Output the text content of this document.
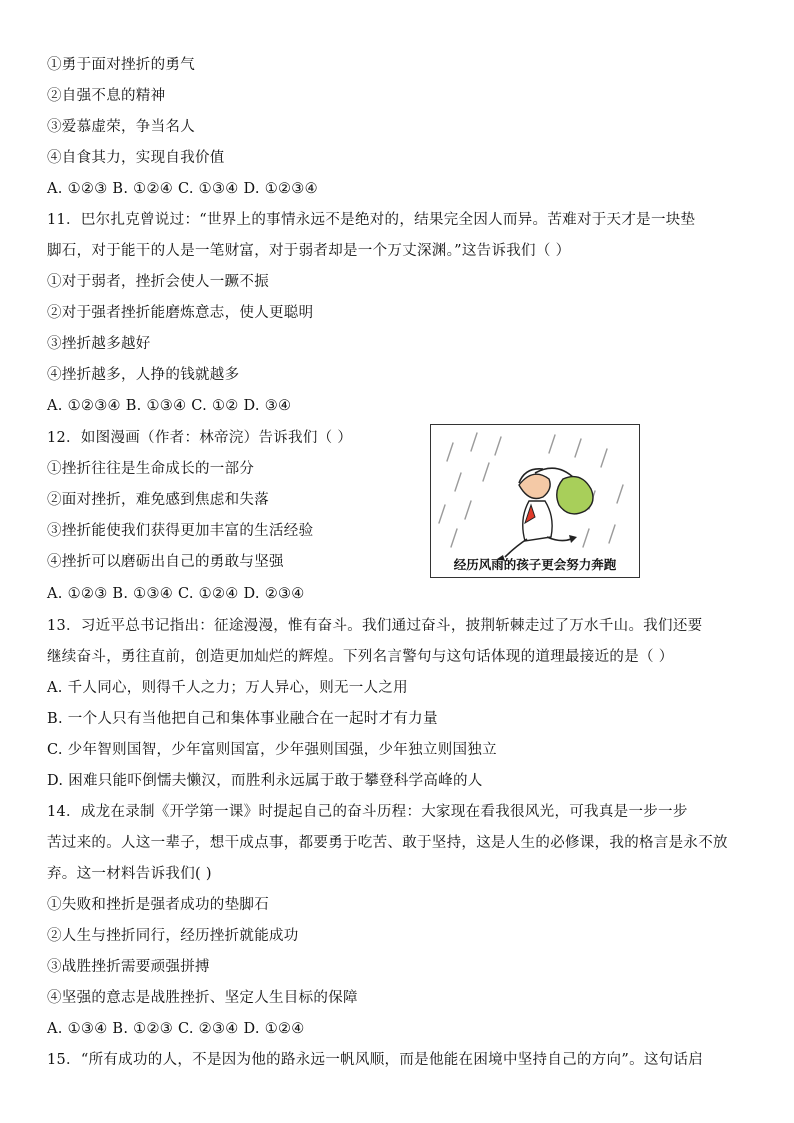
①勇于面对挫折的勇气
②自强不息的精神
③爱慕虚荣，争当名人
④自食其力，实现自我价值
A. ①②③ B. ①②④ C. ①③④ D. ①②③④
11．巴尔扎克曾说过：“世界上的事情永远不是绝对的，结果完全因人而异。苦难对于天才是一块垫
脚石，对于能干的人是一笔财富，对于弱者却是一个万丈深渊。”这告诉我们（ ）
①对于弱者，挫折会使人一蹶不振
②对于强者挫折能磨炼意志，使人更聪明
③挫折越多越好
④挫折越多，人挣的钱就越多
A. ①②③④ B. ①③④ C. ①② D. ③④
12．如图漫画（作者：林帝浣）告诉我们（ ）
①挫折往往是生命成长的一部分
②面对挫折，难免感到焦虑和失落
③挫折能使我们获得更加丰富的生活经验
④挫折可以磨砺出自己的勇敢与坚强
A. ①②③ B. ①③④ C. ①②④ D. ②③④
经历风雨的孩子更会努力奔跑
13．习近平总书记指出：征途漫漫，惟有奋斗。我们通过奋斗，披荆斩棘走过了万水千山。我们还要
继续奋斗，勇往直前，创造更加灿烂的辉煌。下列名言警句与这句话体现的道理最接近的是（ ）
A. 千人同心，则得千人之力；万人异心，则无一人之用
B. 一个人只有当他把自己和集体事业融合在一起时才有力量
C. 少年智则国智，少年富则国富，少年强则国强，少年独立则国独立
D. 困难只能吓倒懦夫懒汉，而胜利永远属于敢于攀登科学高峰的人
14．成龙在录制《开学第一课》时提起自己的奋斗历程：大家现在看我很风光，可我真是一步一步
苦过来的。人这一辈子，想干成点事，都要勇于吃苦、敢于坚持，这是人生的必修课，我的格言是永不放
弃。这一材料告诉我们( )
①失败和挫折是强者成功的垫脚石
②人生与挫折同行，经历挫折就能成功
③战胜挫折需要顽强拼搏
④坚强的意志是战胜挫折、坚定人生目标的保障
A. ①③④ B. ①②③ C. ②③④ D. ①②④
15．“所有成功的人，不是因为他的路永远一帆风顺，而是他能在困境中坚持自己的方向”。这句话启
